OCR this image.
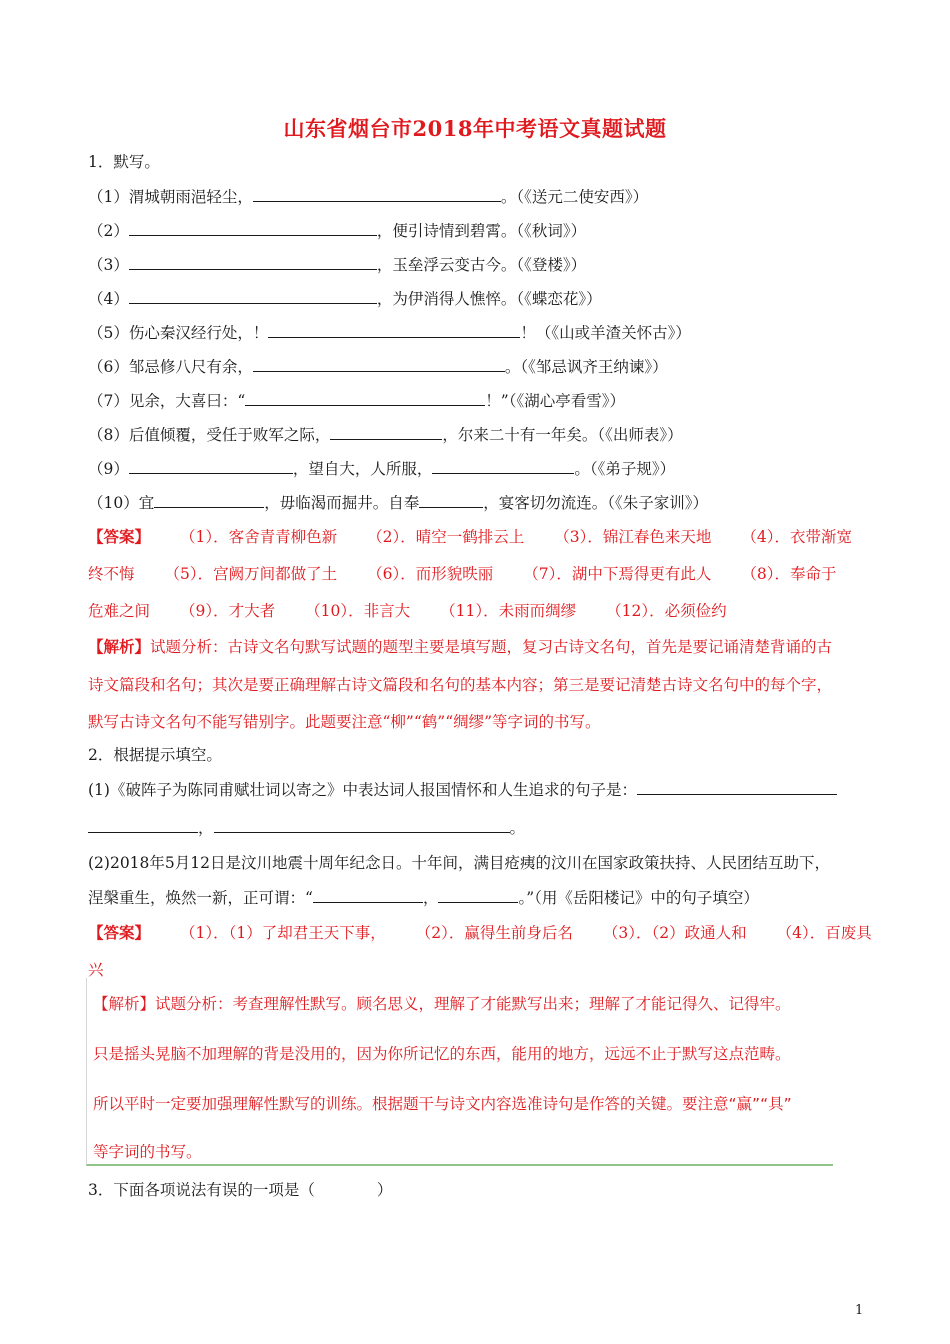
山东省烟台市2018年中考语文真题试题
1．默写。
（1）渭城朝雨浥轻尘，	。（《送元二使安西》）
（2）	，便引诗情到碧霄。（《秋词》）
（3）	，玉垒浮云变古今。（《登楼》）
（4）	，为伊消得人憔悴。（《蝶恋花》）
（5）伤心秦汉经行处，！	！（《山或羊渣关怀古》）
（6）邹忌修八尺有余，	。（《邹忌讽齐王纳谏》）
（7）见余，大喜曰：“	！”（《湖心亭看雪》）
（8）后值倾覆，受任于败军之际，	，尔来二十有一年矣。（《出师表》）
（9）	，望自大，人所服，	。（《弟子规》）
（10）宜	，毋临渴而掘井。自奉	，宴客切勿流连。（《朱子家训》）
【答案】 （1）．客舍青青柳色新 （2）．晴空一鹤排云上 （3）．锦江春色来天地 （4）．衣带渐宽
终不悔 （5）．宫阙万间都做了土 （6）．而形貌昳丽 （7）．湖中下焉得更有此人 （8）．奉命于
危难之间 （9）．才大者 （10）．非言大 （11）．未雨而绸缪 （12）．必须俭约
【解析】试题分析：古诗文名句默写试题的题型主要是填写题，复习古诗文名句，首先是要记诵清楚背诵的古
诗文篇段和名句；其次是要正确理解古诗文篇段和名句的基本内容；第三是要记清楚古诗文名句中的每个字，
默写古诗文名句不能写错别字。此题要注意“柳”“鹤”“绸缪”等字词的书写。
2．根据提示填空。
(1)《破阵子为陈同甫赋壮词以寄之》中表达词人报国情怀和人生追求的句子是：
，	。
(2)2018年5月12日是汶川地震十周年纪念日。十年间，满目疮痍的汶川在国家政策扶持、人民团结互助下，
涅槃重生，焕然一新，正可谓：“	，	。”（用《岳阳楼记》中的句子填空）
【答案】 （1）．（1）了却君王天下事， （2）．赢得生前身后名 （3）．（2）政通人和 （4）．百废具
兴
【解析】试题分析：考查理解性默写。顾名思义，理解了才能默写出来；理解了才能记得久、记得牢。
只是摇头晃脑不加理解的背是没用的，因为你所记忆的东西，能用的地方，远远不止于默写这点范畴。
所以平时一定要加强理解性默写的训练。根据题干与诗文内容选准诗句是作答的关键。要注意“赢”“具”
等字词的书写。
3．下面各项说法有误的一项是（　　　　）
1
